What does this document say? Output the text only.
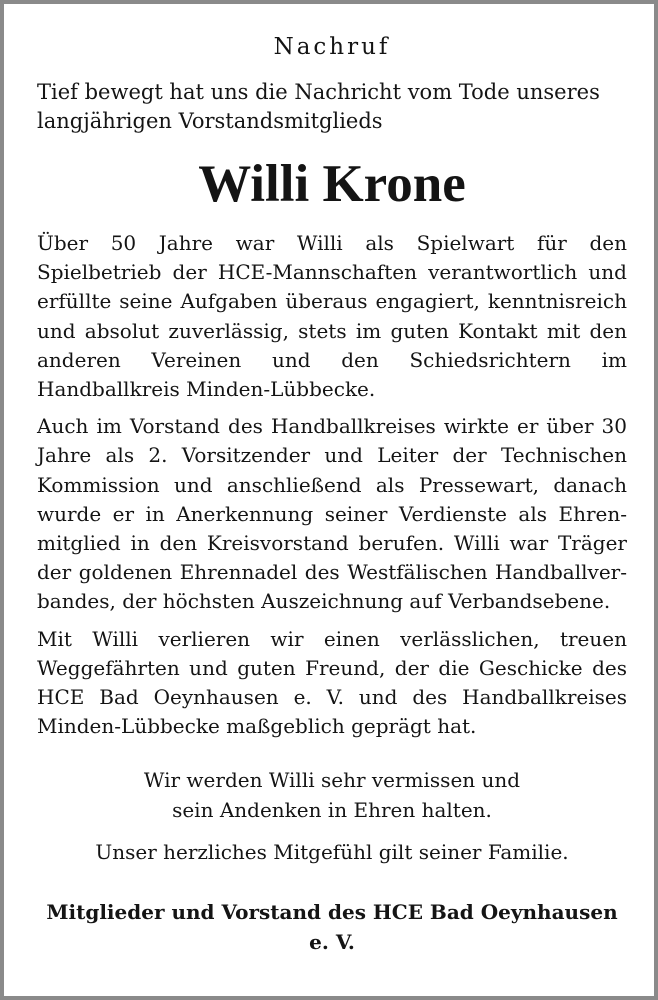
Nachruf

Tief bewegt hat uns die Nachricht vom Tode unseres langjährigen Vorstandsmitglieds

Willi Krone

Über 50 Jahre war Willi als Spielwart für den Spielbetrieb der HCE-Mannschaften verantwortlich und erfüllte seine Aufgaben überaus engagiert, kenntnisreich und absolut zuverlässig, stets im guten Kontakt mit den anderen Vereinen und den Schiedsrichtern im Handballkreis Minden-Lübbecke.

Auch im Vorstand des Handballkreises wirkte er über 30 Jahre als 2. Vorsitzender und Leiter der Technischen Kommission und anschließend als Pressewart, danach wurde er in Anerkennung seiner Verdienste als Ehrenmitglied in den Kreisvorstand berufen. Willi war Träger der goldenen Ehrennadel des Westfälischen Handballverbandes, der höchsten Auszeichnung auf Verbandsebene.

Mit Willi verlieren wir einen verlässlichen, treuen Weggefährten und guten Freund, der die Geschicke des HCE Bad Oeynhausen e. V. und des Handballkreises Minden-Lübbecke maßgeblich geprägt hat.

Wir werden Willi sehr vermissen und
sein Andenken in Ehren halten.

Unser herzliches Mitgefühl gilt seiner Familie.

Mitglieder und Vorstand des HCE Bad Oeynhausen e. V.
